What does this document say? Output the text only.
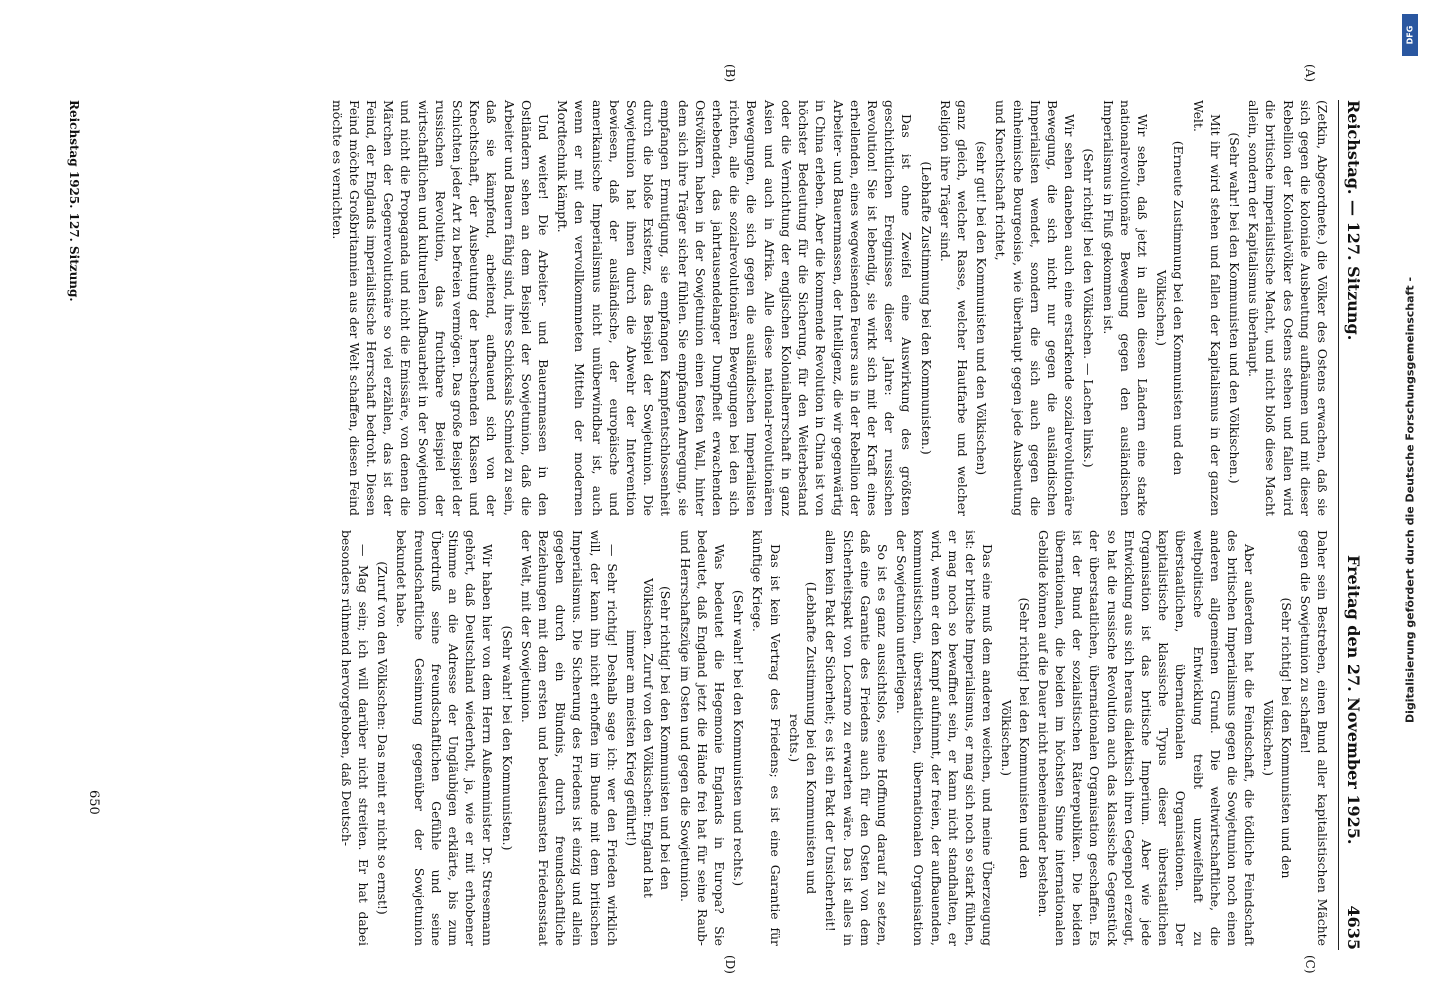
Reichstag. — 127. Sitzung.
Freitag den 27. November 1925.
4635
(A)
(B)
(C)
(D)

(Zetkin, Abgeordnete.) die Völker des Ostens erwachen, daß sie sich gegen die koloniale Ausbeutung aufbäumen und mit dieser Rebellion der Kolonialvölker des Ostens stehen und fallen wird die britische imperialistische Macht, und nicht bloß diese Macht allein, sondern der Kapitalismus überhaupt.

(Sehr wahr! bei den Kommunisten und den Völkischen.)

Mit ihr wird stehen und fallen der Kapitalismus in der ganzen Welt.

(Erneute Zustimmung bei den Kommunisten und den Völkischen.)

Wir sehen, daß jetzt in allen diesen Ländern eine starke nationalrevolutionäre Bewegung gegen den ausländischen Imperialismus in Fluß gekommen ist.

(Sehr richtig! bei den Völkischen. — Lachen links.)

Wir sehen daneben auch eine erstarkende sozialrevolutionäre Bewegung, die sich nicht nur gegen die ausländischen Imperialisten wendet, sondern die sich auch gegen die einheimische Bourgeoisie, wie überhaupt gegen jede Ausbeutung und Knechtschaft richtet,

(sehr gut! bei den Kommunisten und den Völkischen)

ganz gleich, welcher Rasse, welcher Hautfarbe und welcher Religion ihre Träger sind.

(Lebhafte Zustimmung bei den Kommunisten.)

Das ist ohne Zweifel eine Auswirkung des größten geschichtlichen Ereignisses dieser Jahre: der russischen Revolution! Sie ist lebendig, sie wirkt sich mit der Kraft eines erhellenden, eines wegweisenden Feuers aus in der Rebellion der Arbeiter- und Bauernmassen, der Intelligenz, die wir gegenwärtig in China erleben. Aber die kommende Revolution in China ist von höchster Bedeutung für die Sicherung, für den Weiterbestand oder die Vernichtung der englischen Kolonialherrschaft in ganz Asien und auch in Afrika. Alle diese national-revolutionären Bewegungen, die sich gegen die ausländischen Imperialisten richten, alle die sozialrevolutionären Bewegungen bei den sich erhebenden, das jahrtausendelanger Dumpfheit erwachenden Ostvölkern haben in der Sowjetunion einen festen Wall, hinter dem sich ihre Träger sicher fühlen. Sie empfangen Anregung, sie empfangen Ermutigung, sie empfangen Kampfentschlossenheit durch die bloße Existenz, das Beispiel der Sowjetunion. Die Sowjetunion hat ihnen durch die Abwehr der Intervention bewiesen, daß der ausländische, der europäische und amerikanische Imperialismus nicht unüberwindbar ist, auch wenn er mit den vervollkommneten Mitteln der modernen Mordtechnik kämpft.

Und weiter! Die Arbeiter- und Bauernmassen in den Ostländern sehen an dem Beispiel der Sowjetunion, daß die Arbeiter und Bauern fähig sind, ihres Schicksals Schmied zu sein, daß sie kämpfend, arbeitend, aufbauend sich von der Knechtschaft, der Ausbeutung der herrschenden Klassen und Schichten jeder Art zu befreien vermögen. Das große Beispiel der russischen Revolution, das fruchtbare Beispiel der wirtschaftlichen und kulturellen Aufbauarbeit in der Sowjetunion und nicht die Propaganda und nicht die Emissäre, von denen die Märchen der Gegenrevolutionäre so viel erzählen, das ist der Feind, der Englands imperialistische Herrschaft bedroht. Diesen Feind möchte Großbritannien aus der Welt schaffen, diesen Feind möchte es vernichten.

Daher sein Bestreben, einen Bund aller kapitalistischen Mächte gegen die Sowjetunion zu schaffen!

(Sehr richtig! bei den Kommunisten und den Völkischen.)

Aber außerdem hat die Feindschaft, die tödliche Feindschaft des britischen Imperialismus gegen die Sowjetunion noch einen anderen allgemeinen Grund. Die weltwirtschaftliche, die weltpolitische Entwicklung treibt unzweifelhaft zu überstaatlichen, übernationalen Organisationen. Der kapitalistische klassische Typus dieser überstaatlichen Organisation ist das britische Imperium. Aber wie jede Entwicklung aus sich heraus dialektisch ihren Gegenpol erzeugt, so hat die russische Revolution auch das klassische Gegenstück der überstaatlichen, übernationalen Organisation geschaffen. Es ist der Bund der sozialistischen Räterepubliken. Die beiden übernationalen, die beiden im höchsten Sinne internationalen Gebilde können auf die Dauer nicht nebeneinander bestehen.

(Sehr richtig! bei den Kommunisten und den Völkischen.)

Das eine muß dem anderen weichen, und meine Überzeugung ist: der britische Imperialismus, er mag sich noch so stark fühlen, er mag noch so bewaffnet sein, er kann nicht standhalten, er wird, wenn er den Kampf aufnimmt, der freien, der aufbauenden, kommunistischen, überstaatlichen, übernationalen Organisation der Sowjetunion unterliegen.

So ist es ganz aussichtslos, seine Hoffnung darauf zu setzen, daß eine Garantie des Friedens auch für den Osten von dem Sicherheitspakt von Locarno zu erwarten wäre. Das ist alles in allem kein Pakt der Sicherheit; es ist ein Pakt der Unsicherheit!

(Lebhafte Zustimmung bei den Kommunisten und rechts.)

Das ist kein Vertrag des Friedens; es ist eine Garantie für künftige Kriege.

(Sehr wahr! bei den Kommunisten und rechts.)

Was bedeutet die Hegemonie Englands in Europa? Sie bedeutet, daß England jetzt die Hände frei hat für seine Raub- und Herrschaftszüge im Osten und gegen die Sowjetunion.

(Sehr richtig! bei den Kommunisten und bei den Völkischen. Zuruf von den Völkischen: England hat immer am meisten Krieg geführt!)

— Sehr richtig! Deshalb sage ich: wer den Frieden wirklich will, der kann ihn nicht erhoffen im Bunde mit dem britischen Imperialismus. Die Sicherung des Friedens ist einzig und allein gegeben durch ein Bündnis, durch freundschaftliche Beziehungen mit dem ersten und bedeutsamsten Friedensstaat der Welt, mit der Sowjetunion.

(Sehr wahr! bei den Kommunisten.)

Wir haben hier von dem Herrn Außenminister Dr. Stresemann gehört, daß Deutschland wiederholt, ja, wie er mit erhobener Stimme an die Adresse der Ungläubigen erklärte, bis zum Überdruß seine freundschaftlichen Gefühle und seine freundschaftliche Gesinnung gegenüber der Sowjetunion bekundet habe.

(Zuruf von den Völkischen: Das meint er nicht so ernst!)

— Mag sein; ich will darüber nicht streiten. Er hat dabei besonders rühmend hervorgehoben, daß Deutsch-

650
Reichstag 1925. 127. Sitzung.
DFG
Digitalisierung gefördert durch die Deutsche Forschungsgemeinschaft -
